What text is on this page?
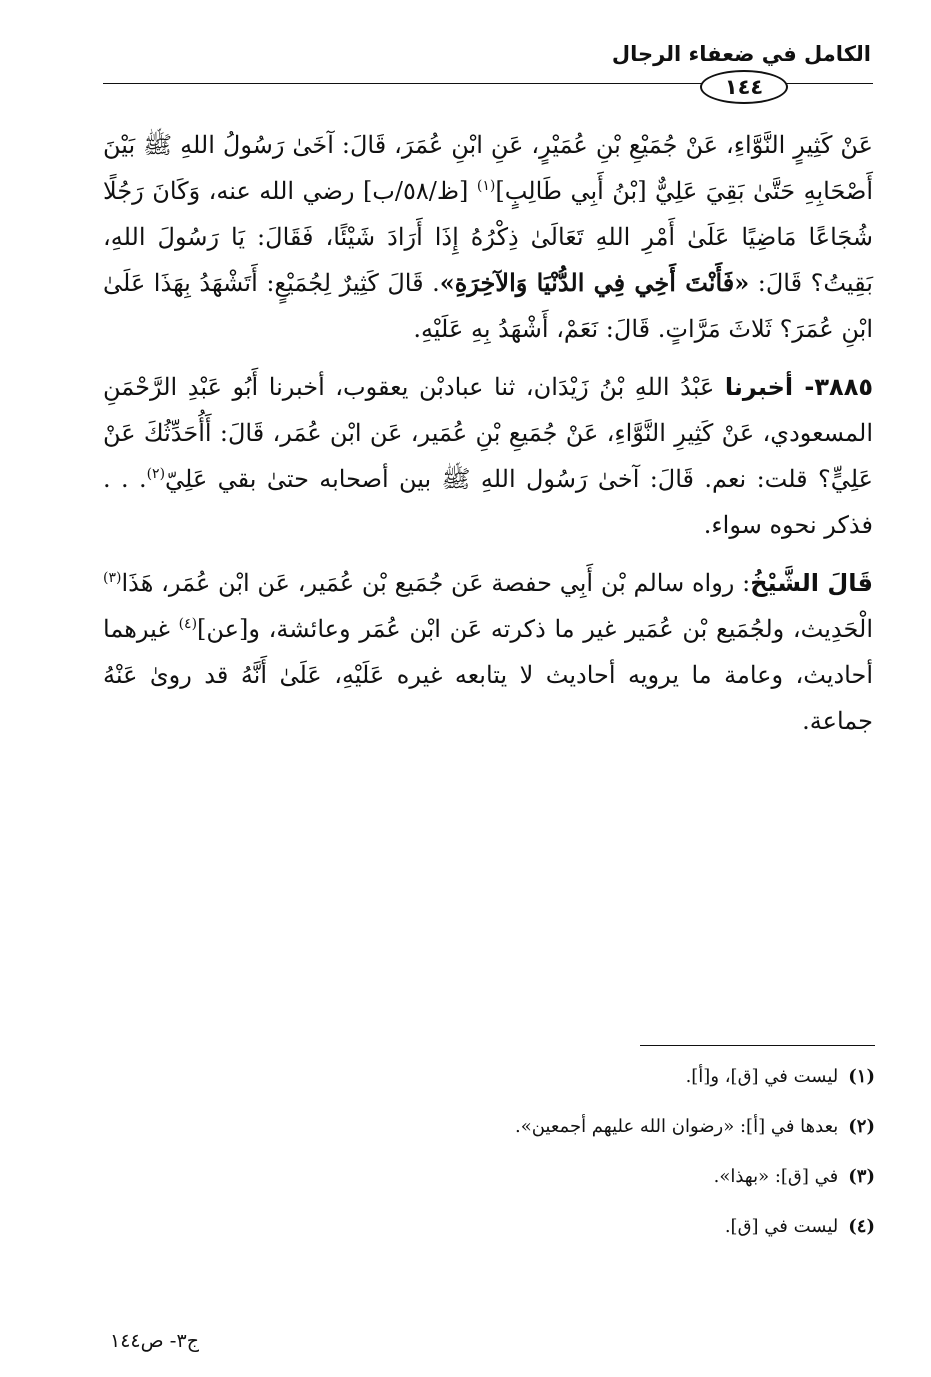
الكامل في ضعفاء الرجال
١٤٤

عَنْ كَثِيرٍ النَّوَّاءِ، عَنْ جُمَيْعِ بْنِ عُمَيْرٍ، عَنِ ابْنِ عُمَرَ، قَالَ: آخَىٰ رَسُولُ اللهِ ﷺ بَيْنَ أَصْحَابِهِ حَتَّىٰ بَقِيَ عَلِيٌّ [بْنُ أَبِي طَالِبٍ]$^{(١)}$ [ظ/٥٨/ب] رضي الله عنه، وَكَانَ رَجُلًا شُجَاعًا مَاضِيًا عَلَىٰ أَمْرِ اللهِ تَعَالَىٰ ذِكْرُهُ إِذَا أَرَادَ شَيْئًا، فَقَالَ: يَا رَسُولَ اللهِ، بَقِيتُ؟ قَالَ: «فَأَنْتَ أَخِي فِي الدُّنْيَا وَالآخِرَةِ». قَالَ كَثِيرٌ لِجُمَيْعٍ: أَتَشْهَدُ بِهَذَا عَلَىٰ ابْنِ عُمَرَ؟ ثَلاثَ مَرَّاتٍ. قَالَ: نَعَمْ، أَشْهَدُ بِهِ عَلَيْهِ.

٣٨٨٥- أخبرنا عَبْدُ اللهِ بْنُ زَيْدَان، ثنا عبادبْن يعقوب، أخبرنا أَبُو عَبْدِ الرَّحْمَنِ المسعودي، عَنْ كَثِيرِ النَّوَّاءِ، عَنْ جُمَيعِ بْنِ عُمَير، عَن ابْن عُمَر، قَالَ: أَأُحَدِّثُكَ عَنْ عَلِيٍّ؟ قلت: نعم. قَالَ: آخىٰ رَسُول اللهِ ﷺ بين أصحابه حتىٰ بقي عَلِيّ$^{(٢)}$. . . فذكر نحوه سواء.

قَالَ الشَّيْخُ: رواه سالم بْن أَبِي حفصة عَن جُمَيع بْن عُمَير، عَن ابْن عُمَر، هَذَا$^{(٣)}$ الْحَدِيث، ولجُمَيع بْن عُمَير غير ما ذكرته عَن ابْن عُمَر وعائشة، و[عن]$^{(٤)}$ غيرهما أحاديث، وعامة ما يرويه أحاديث لا يتابعه غيره عَلَيْهِ، عَلَىٰ أَنَّهُ قد روىٰ عَنْهُ جماعة.

(١)ليست في [ق]، و[أ].
(٢)بعدها في [أ]: «رضوان الله عليهم أجمعين».
(٣)في [ق]: «بهذا».
(٤)ليست في [ق].
ج٣- ص١٤٤
